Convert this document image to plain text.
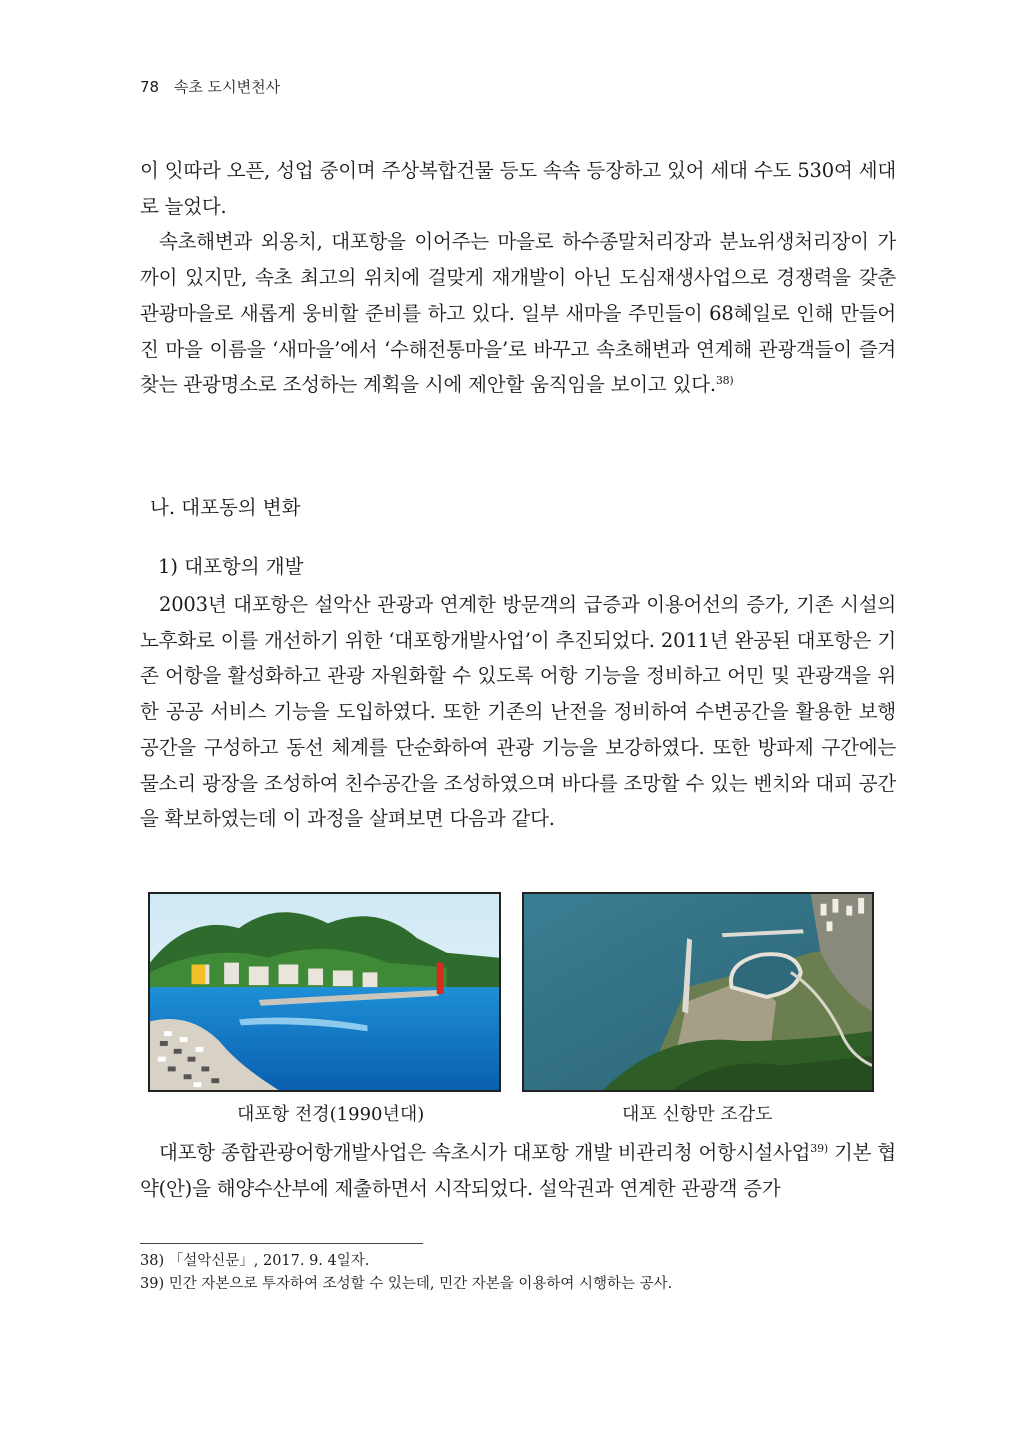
78 속초 도시변천사

이 잇따라 오픈, 성업 중이며 주상복합건물 등도 속속 등장하고 있어 세대 수도 530여 세대로 늘었다.

속초해변과 외옹치, 대포항을 이어주는 마을로 하수종말처리장과 분뇨위생처리장이 가까이 있지만, 속초 최고의 위치에 걸맞게 재개발이 아닌 도심재생사업으로 경쟁력을 갖춘 관광마을로 새롭게 웅비할 준비를 하고 있다. 일부 새마을 주민들이 68혜일로 인해 만들어진 마을 이름을 ‘새마을’에서 ‘수해전통마을’로 바꾸고 속초해변과 연계해 관광객들이 즐겨 찾는 관광명소로 조성하는 계획을 시에 제안할 움직임을 보이고 있다.$^{38)}$

나. 대포동의 변화
1) 대포항의 개발

2003년 대포항은 설악산 관광과 연계한 방문객의 급증과 이용어선의 증가, 기존 시설의 노후화로 이를 개선하기 위한 ‘대포항개발사업’이 추진되었다. 2011년 완공된 대포항은 기존 어항을 활성화하고 관광 자원화할 수 있도록 어항 기능을 정비하고 어민 및 관광객을 위한 공공 서비스 기능을 도입하였다. 또한 기존의 난전을 정비하여 수변공간을 활용한 보행 공간을 구성하고 동선 체계를 단순화하여 관광 기능을 보강하였다. 또한 방파제 구간에는 물소리 광장을 조성하여 친수공간을 조성하였으며 바다를 조망할 수 있는 벤치와 대피 공간을 확보하였는데 이 과정을 살펴보면 다음과 같다.

대포항 전경(1990년대)	대포 신항만 조감도

대포항 종합관광어항개발사업은 속초시가 대포항 개발 비관리청 어항시설사업$^{39)}$ 기본 협약(안)을 해양수산부에 제출하면서 시작되었다. 설악권과 연계한 관광객 증가

38) 「설악신문」, 2017. 9. 4일자.
39) 민간 자본으로 투자하여 조성할 수 있는데, 민간 자본을 이용하여 시행하는 공사.
